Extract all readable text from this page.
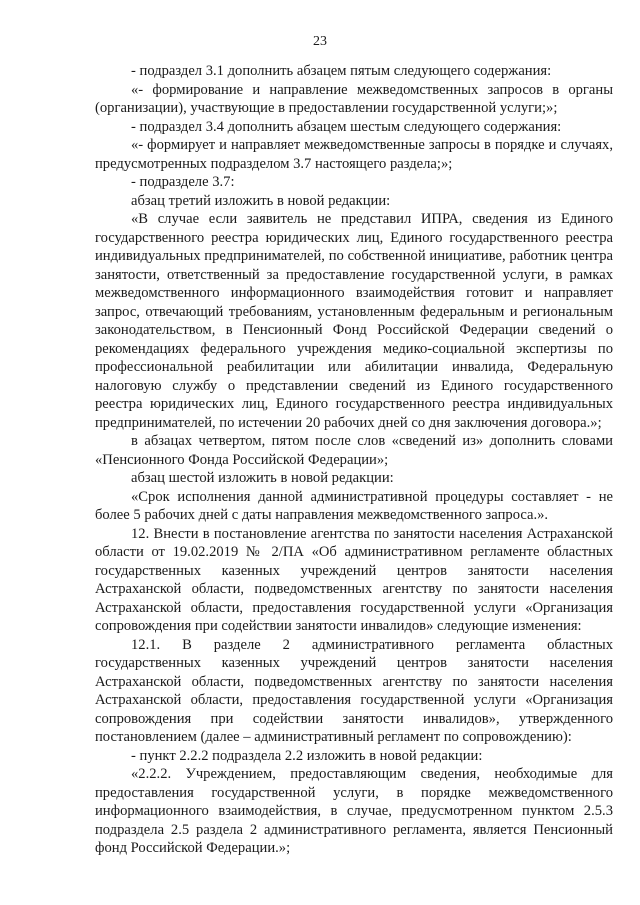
23

- подраздел 3.1 дополнить абзацем пятым следующего содержания:

«- формирование и направление межведомственных запросов в органы (организации), участвующие в предоставлении государственной услуги;»;

- подраздел 3.4 дополнить абзацем шестым следующего содержания:

«- формирует и направляет межведомственные запросы в порядке и случаях, предусмотренных подразделом 3.7 настоящего раздела;»;

- подразделе 3.7:

абзац третий изложить в новой редакции:

«В случае если заявитель не представил ИПРА, сведения из Единого государственного реестра юридических лиц, Единого государственного реестра индивидуальных предпринимателей, по собственной инициативе, работник центра занятости, ответственный за предоставление государственной услуги, в рамках межведомственного информационного взаимодействия готовит и направляет запрос, отвечающий требованиям, установленным федеральным и региональным законодательством, в Пенсионный Фонд Российской Федерации сведений о рекомендациях федерального учреждения медико-социальной экспертизы по профессиональной реабилитации или абилитации инвалида, Федеральную налоговую службу о представлении сведений из Единого государственного реестра юридических лиц, Единого государственного реестра индивидуальных предпринимателей, по истечении 20 рабочих дней со дня заключения договора.»;

в абзацах четвертом, пятом после слов «сведений из» дополнить словами «Пенсионного Фонда Российской Федерации»;

абзац шестой изложить в новой редакции:

«Срок исполнения данной административной процедуры составляет - не более 5 рабочих дней с даты направления межведомственного запроса.».

12. Внести в постановление агентства по занятости населения Астраханской области от 19.02.2019 № 2/ПА «Об административном регламенте областных государственных казенных учреждений центров занятости населения Астраханской области, подведомственных агентству по занятости населения Астраханской области, предоставления государственной услуги «Организация сопровождения при содействии занятости инвалидов» следующие изменения:

12.1. В разделе 2 административного регламента областных государственных казенных учреждений центров занятости населения Астраханской области, подведомственных агентству по занятости населения Астраханской области, предоставления государственной услуги «Организация сопровождения при содействии занятости инвалидов», утвержденного постановлением (далее – административный регламент по сопровождению):

- пункт 2.2.2 подраздела 2.2 изложить в новой редакции:

«2.2.2. Учреждением, предоставляющим сведения, необходимые для предоставления государственной услуги, в порядке межведомственного информационного взаимодействия, в случае, предусмотренном пунктом 2.5.3 подраздела 2.5 раздела 2 административного регламента, является Пенсионный фонд Российской Федерации.»;
